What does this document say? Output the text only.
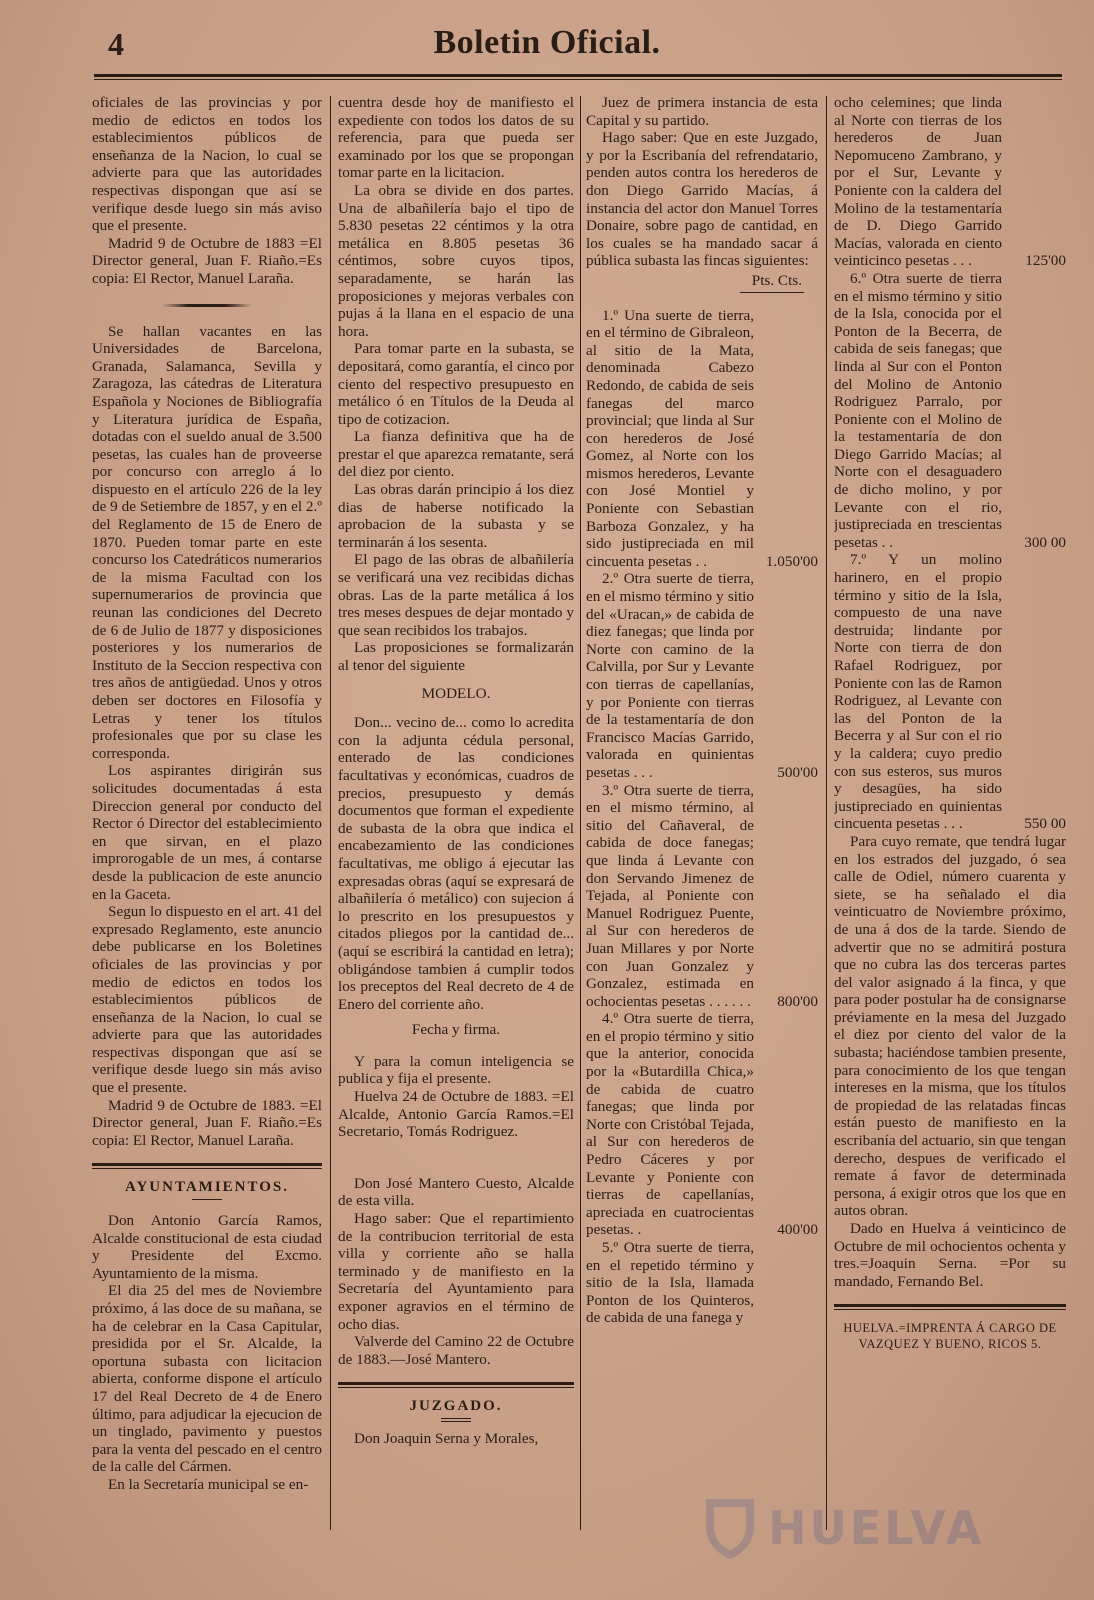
4	Boletin Oficial.

oficiales de las provincias y por medio de edictos en todos los establecimientos públicos de enseñanza de la Nacion, lo cual se advierte para que las autoridades respectivas dispongan que así se verifique desde luego sin más aviso que el presente.

Madrid 9 de Octubre de 1883 =El Director general, Juan F. Riaño.=Es copia: El Rector, Manuel Laraña.

Se hallan vacantes en las Universidades de Barcelona, Granada, Salamanca, Sevilla y Zaragoza, las cátedras de Literatura Española y Nociones de Bibliografía y Literatura jurídica de España, dotadas con el sueldo anual de 3.500 pesetas, las cuales han de proveerse por concurso con arreglo á lo dispuesto en el artículo 226 de la ley de 9 de Setiembre de 1857, y en el 2.º del Reglamento de 15 de Enero de 1870. Pueden tomar parte en este concurso los Catedráticos numerarios de la misma Facultad con los supernumerarios de provincia que reunan las condiciones del Decreto de 6 de Julio de 1877 y disposiciones posteriores y los numerarios de Instituto de la Seccion respectiva con tres años de antigüedad. Unos y otros deben ser doctores en Filosofía y Letras y tener los títulos profesionales que por su clase les corresponda.

Los aspirantes dirigirán sus solicitudes documentadas á esta Direccion general por conducto del Rector ó Director del establecimiento en que sirvan, en el plazo improrogable de un mes, á contarse desde la publicacion de este anuncio en la Gaceta.

Segun lo dispuesto en el art. 41 del expresado Reglamento, este anuncio debe publicarse en los Boletines oficiales de las provincias y por medio de edictos en todos los establecimientos públicos de enseñanza de la Nacion, lo cual se advierte para que las autoridades respectivas dispongan que así se verifique desde luego sin más aviso que el presente.

Madrid 9 de Octubre de 1883. =El Director general, Juan F. Riaño.=Es copia: El Rector, Manuel Laraña.

AYUNTAMIENTOS.

Don Antonio García Ramos, Alcalde constitucional de esta ciudad y Presidente del Excmo. Ayuntamiento de la misma.

El dia 25 del mes de Noviembre próximo, á las doce de su mañana, se ha de celebrar en la Casa Capitular, presidida por el Sr. Alcalde, la oportuna subasta con licitacion abierta, conforme dispone el artículo 17 del Real Decreto de 4 de Enero último, para adjudicar la ejecucion de un tinglado, pavimento y puestos para la venta del pescado en el centro de la calle del Cármen.

En la Secretaría municipal se en-

cuentra desde hoy de manifiesto el expediente con todos los datos de su referencia, para que pueda ser examinado por los que se propongan tomar parte en la licitacion.

La obra se divide en dos partes. Una de albañilería bajo el tipo de 5.830 pesetas 22 céntimos y la otra metálica en 8.805 pesetas 36 céntimos, sobre cuyos tipos, separadamente, se harán las proposiciones y mejoras verbales con pujas á la llana en el espacio de una hora.

Para tomar parte en la subasta, se depositará, como garantía, el cinco por ciento del respectivo presupuesto en metálico ó en Títulos de la Deuda al tipo de cotizacion.

La fianza definitiva que ha de prestar el que aparezca rematante, será del diez por ciento.

Las obras darán principio á los diez dias de haberse notificado la aprobacion de la subasta y se terminarán á los sesenta.

El pago de las obras de albañilería se verificará una vez recibidas dichas obras. Las de la parte metálica á los tres meses despues de dejar montado y que sean recibidos los trabajos.

Las proposiciones se formalizarán al tenor del siguiente

MODELO.

Don... vecino de... como lo acredita con la adjunta cédula personal, enterado de las condiciones facultativas y económicas, cuadros de precios, presupuesto y demás documentos que forman el expediente de subasta de la obra que indica el encabezamiento de las condiciones facultativas, me obligo á ejecutar las expresadas obras (aquí se expresará de albañilería ó metálico) con sujecion á lo prescrito en los presupuestos y citados pliegos por la cantidad de... (aquí se escribirá la cantidad en letra); obligándose tambien á cumplir todos los preceptos del Real decreto de 4 de Enero del corriente año.

Fecha y firma.

Y para la comun inteligencia se publica y fija el presente.

Huelva 24 de Octubre de 1883. =El Alcalde, Antonio García Ramos.=El Secretario, Tomás Rodriguez.

Don José Mantero Cuesto, Alcalde de esta villa.

Hago saber: Que el repartimiento de la contribucion territorial de esta villa y corriente año se halla terminado y de manifiesto en la Secretaría del Ayuntamiento para exponer agravios en el término de ocho dias.

Valverde del Camino 22 de Octubre de 1883.—José Mantero.

JUZGADO.

Don Joaquin Serna y Morales,

Juez de primera instancia de esta Capital y su partido.

Hago saber: Que en este Juzgado, y por la Escribanía del refrendatario, penden autos contra los herederos de don Diego Garrido Macías, á instancia del actor don Manuel Torres Donaire, sobre pago de cantidad, en los cuales se ha mandado sacar á pública subasta las fincas siguientes:

Pts. Cts.
1.º Una suerte de tierra, en el término de Gibraleon, al sitio de la Mata, denominada Cabezo Redondo, de cabida de seis fanegas del marco provincial; que linda al Sur con herederos de José Gomez, al Norte con los mismos herederos, Levante con José Montiel y Poniente con Sebastian Barboza Gonzalez, y ha sido justipreciada en mil cincuenta pesetas . .	1.050'00
2.º Otra suerte de tierra, en el mismo término y sitio del «Uracan,» de cabida de diez fanegas; que linda por Norte con camino de la Calvilla, por Sur y Levante con tierras de capellanías, y por Poniente con tierras de la testamentaría de don Francisco Macías Garrido, valorada en quinientas pesetas . . .	500'00
3.º Otra suerte de tierra, en el mismo término, al sitio del Cañaveral, de cabida de doce fanegas; que linda á Levante con don Servando Jimenez de Tejada, al Poniente con Manuel Rodriguez Puente, al Sur con herederos de Juan Millares y por Norte con Juan Gonzalez y Gonzalez, estimada en ochocientas pesetas . . . . . . 800'00
4.º Otra suerte de tierra, en el propio término y sitio que la anterior, conocida por la «Butardilla Chica,» de cabida de cuatro fanegas; que linda por Norte con Cristóbal Tejada, al Sur con herederos de Pedro Cáceres y por Levante y Poniente con tierras de capellanías, apreciada en cuatrocientas pesetas. .	400'00
5.º Otra suerte de tierra, en el repetido término y sitio de la Isla, llamada Ponton de los Quinteros, de cabida de una fanega y
ocho celemines; que linda al Norte con tierras de los herederos de Juan Nepomuceno Zambrano, y por el Sur, Levante y Poniente con la caldera del Molino de la testamentaría de D. Diego Garrido Macías, valorada en ciento veinticinco pesetas . . .	125'00
6.º Otra suerte de tierra en el mismo término y sitio de la Isla, conocida por el Ponton de la Becerra, de cabida de seis fanegas; que linda al Sur con el Ponton del Molino de Antonio Rodriguez Parralo, por Poniente con el Molino de la testamentaría de don Diego Garrido Macías; al Norte con el desaguadero de dicho molino, y por Levante con el rio, justipreciada en trescientas pesetas . .	300 00
7.º Y un molino harinero, en el propio término y sitio de la Isla, compuesto de una nave destruida; lindante por Norte con tierra de don Rafael Rodriguez, por Poniente con las de Ramon Rodriguez, al Levante con las del Ponton de la Becerra y al Sur con el rio y la caldera; cuyo predio con sus esteros, sus muros y desagües, ha sido justipreciado en quinientas cincuenta pesetas . . .	550 00

Para cuyo remate, que tendrá lugar en los estrados del juzgado, ó sea calle de Odiel, número cuarenta y siete, se ha señalado el dia veinticuatro de Noviembre próximo, de una á dos de la tarde. Siendo de advertir que no se admitirá postura que no cubra las dos terceras partes del valor asignado á la finca, y que para poder postular ha de consignarse préviamente en la mesa del Juzgado el diez por ciento del valor de la subasta; haciéndose tambien presente, para conocimiento de los que tengan intereses en la misma, que los títulos de propiedad de las relatadas fincas están puesto de manifiesto en la escribanía del actuario, sin que tengan derecho, despues de verificado el remate á favor de determinada persona, á exigir otros que los que en autos obran.

Dado en Huelva á veinticinco de Octubre de mil ochocientos ochenta y tres.=Joaquin Serna. =Por su mandado, Fernando Bel.

HUELVA.=IMPRENTA Á CARGO DE
VAZQUEZ Y BUENO, RICOS 5.
HUELVA
